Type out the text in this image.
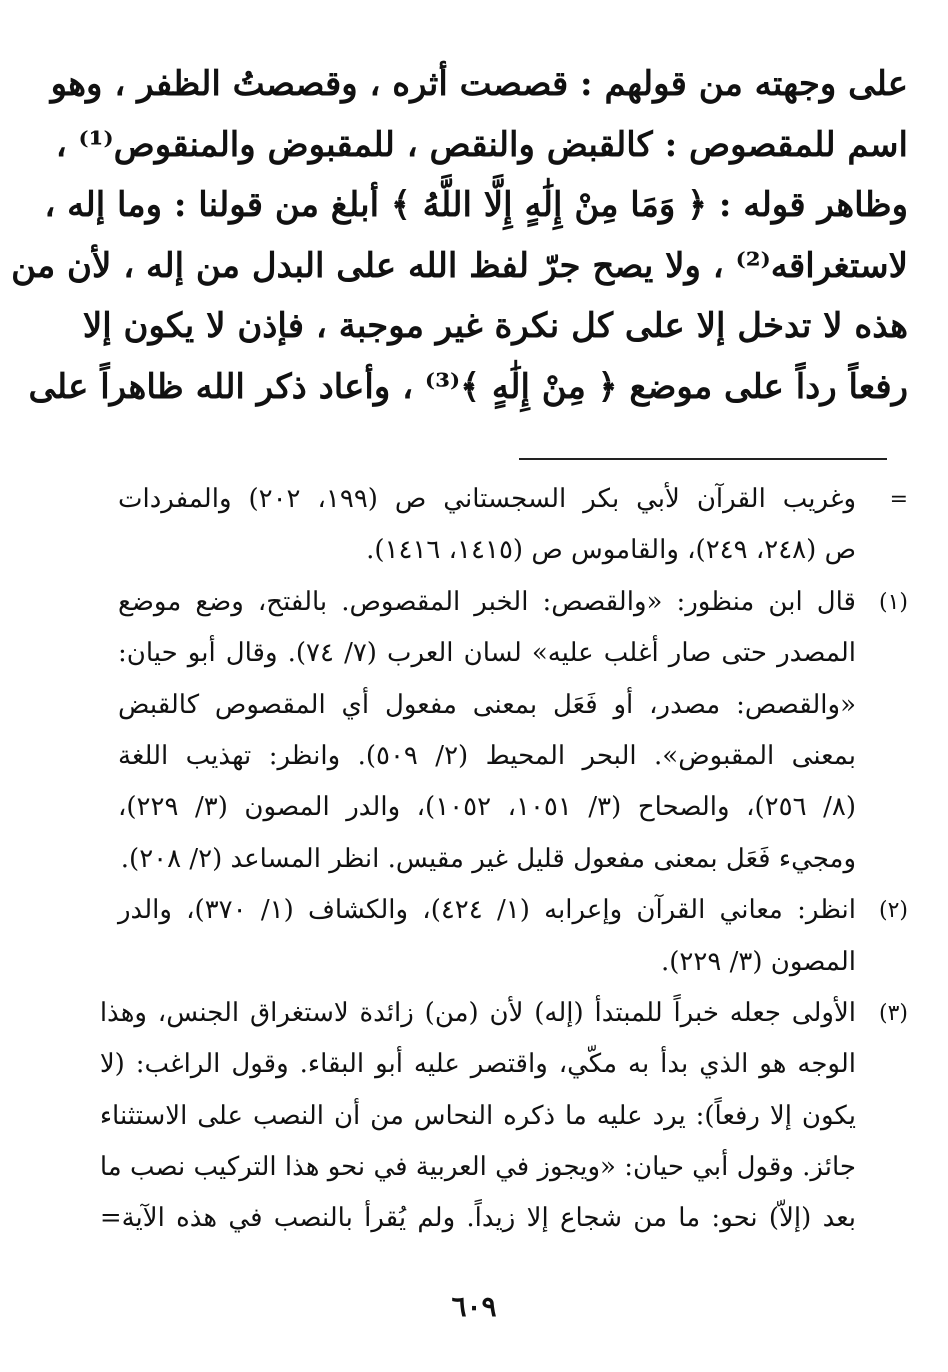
على وجهته من قولهم : قصصت أثره ، وقصصتُ الظفر ، وهو
اسم للمقصوص : كالقبض والنقص ، للمقبوض والمنقوص⁽¹⁾ ،
وظاهر قوله : ﴿ وَمَا مِنْ إِلَٰهٍ إِلَّا اللَّهُ ﴾ أبلغ من قولنا : وما إله ،
لاستغراقه⁽²⁾ ، ولا يصح جرّ لفظ الله على البدل من إله ، لأن من
هذه لا تدخل إلا على كل نكرة غير موجبة ، فإذن لا يكون إلا
رفعاً رداً على موضع ﴿ مِنْ إِلَٰهٍ ﴾⁽³⁾ ، وأعاد ذكر الله ظاهراً على
=
وغريب القرآن لأبي بكر السجستاني ص (١٩٩، ٢٠٢) والمفردات
ص (٢٤٨، ٢٤٩)، والقاموس ص (١٤١٥، ١٤١٦).
(١)
قال ابن منظور: «والقصص: الخبر المقصوص. بالفتح، وضع موضع
المصدر حتى صار أغلب عليه» لسان العرب (٧/ ٧٤). وقال أبو حيان:
«والقصص: مصدر، أو فَعَل بمعنى مفعول أي المقصوص كالقبض
بمعنى المقبوض». البحر المحيط (٢/ ٥٠٩). وانظر: تهذيب اللغة
(٨/ ٢٥٦)، والصحاح (٣/ ١٠٥١، ١٠٥٢)، والدر المصون (٣/ ٢٢٩)،
ومجيء فَعَل بمعنى مفعول قليل غير مقيس. انظر المساعد (٢/ ٢٠٨).
(٢)
انظر: معاني القرآن وإعرابه (١/ ٤٢٤)، والكشاف (١/ ٣٧٠)، والدر
المصون (٣/ ٢٢٩).
(٣)
الأولى جعله خبراً للمبتدأ (إله) لأن (من) زائدة لاستغراق الجنس، وهذا
الوجه هو الذي بدأ به مكّي، واقتصر عليه أبو البقاء. وقول الراغب: (لا
يكون إلا رفعاً): يرد عليه ما ذكره النحاس من أن النصب على الاستثناء
جائز. وقول أبي حيان: «ويجوز في العربية في نحو هذا التركيب نصب ما
بعد (إلاّ) نحو: ما من شجاع إلا زيداً. ولم يُقرأ بالنصب في هذه الآية=
٦٠٩
